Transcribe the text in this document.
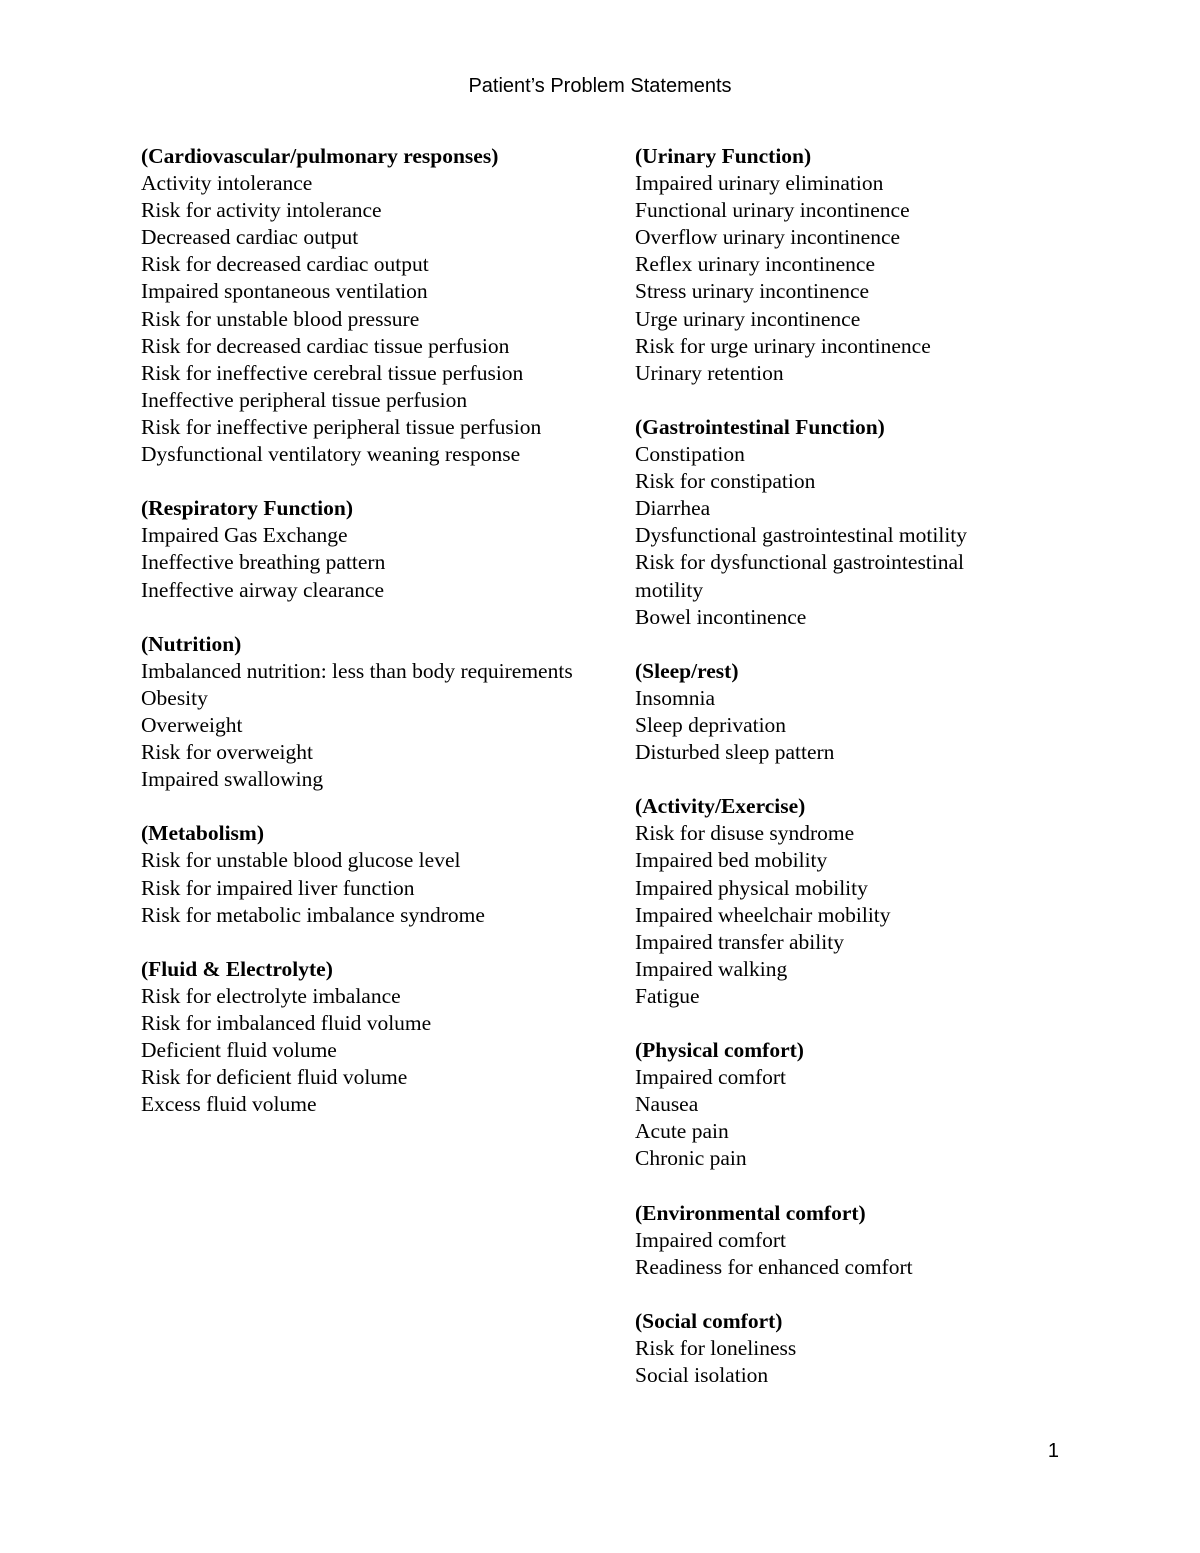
Patient’s Problem Statements
(Cardiovascular/pulmonary responses)
Activity intolerance
Risk for activity intolerance
Decreased cardiac output
Risk for decreased cardiac output
Impaired spontaneous ventilation
Risk for unstable blood pressure
Risk for decreased cardiac tissue perfusion
Risk for ineffective cerebral tissue perfusion
Ineffective peripheral tissue perfusion
Risk for ineffective peripheral tissue perfusion
Dysfunctional ventilatory weaning response
(Respiratory Function)
Impaired Gas Exchange
Ineffective breathing pattern
Ineffective airway clearance
(Nutrition)
Imbalanced nutrition: less than body requirements
Obesity
Overweight
Risk for overweight
Impaired swallowing
(Metabolism)
Risk for unstable blood glucose level
Risk for impaired liver function
Risk for metabolic imbalance syndrome
(Fluid & Electrolyte)
Risk for electrolyte imbalance
Risk for imbalanced fluid volume
Deficient fluid volume
Risk for deficient fluid volume
Excess fluid volume
(Urinary Function)
Impaired urinary elimination
Functional urinary incontinence
Overflow urinary incontinence
Reflex urinary incontinence
Stress urinary incontinence
Urge urinary incontinence
Risk for urge urinary incontinence
Urinary retention
(Gastrointestinal Function)
Constipation
Risk for constipation
Diarrhea
Dysfunctional gastrointestinal motility
Risk for dysfunctional gastrointestinal motility
Bowel incontinence
(Sleep/rest)
Insomnia
Sleep deprivation
Disturbed sleep pattern
(Activity/Exercise)
Risk for disuse syndrome
Impaired bed mobility
Impaired physical mobility
Impaired wheelchair mobility
Impaired transfer ability
Impaired walking
Fatigue
(Physical comfort)
Impaired comfort
Nausea
Acute pain
Chronic pain
(Environmental comfort)
Impaired comfort
Readiness for enhanced comfort
(Social comfort)
Risk for loneliness
Social isolation
1
